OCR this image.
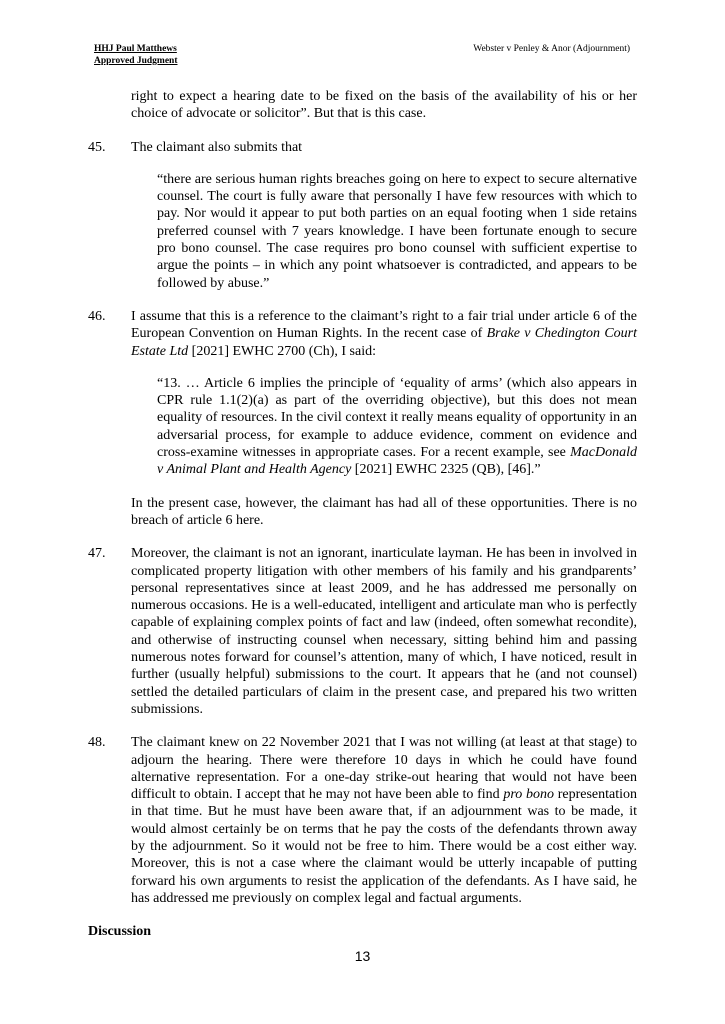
HHJ Paul Matthews
Approved Judgment
Webster v Penley & Anor (Adjournment)

right to expect a hearing date to be fixed on the basis of the availability of his or her choice of advocate or solicitor”. But that is this case.

45.	The claimant also submits that

“there are serious human rights breaches going on here to expect to secure alternative counsel. The court is fully aware that personally I have few resources with which to pay. Nor would it appear to put both parties on an equal footing when 1 side retains preferred counsel with 7 years knowledge. I have been fortunate enough to secure pro bono counsel. The case requires pro bono counsel with sufficient expertise to argue the points – in which any point whatsoever is contradicted, and appears to be followed by abuse.”

46.	I assume that this is a reference to the claimant’s right to a fair trial under article 6 of the European Convention on Human Rights. In the recent case of Brake v Chedington Court Estate Ltd [2021] EWHC 2700 (Ch), I said:

“13. … Article 6 implies the principle of ‘equality of arms’ (which also appears in CPR rule 1.1(2)(a) as part of the overriding objective), but this does not mean equality of resources. In the civil context it really means equality of opportunity in an adversarial process, for example to adduce evidence, comment on evidence and cross-examine witnesses in appropriate cases. For a recent example, see MacDonald v Animal Plant and Health Agency [2021] EWHC 2325 (QB), [46].”

In the present case, however, the claimant has had all of these opportunities. There is no breach of article 6 here.

47.	Moreover, the claimant is not an ignorant, inarticulate layman. He has been in involved in complicated property litigation with other members of his family and his grandparents’ personal representatives since at least 2009, and he has addressed me personally on numerous occasions. He is a well-educated, intelligent and articulate man who is perfectly capable of explaining complex points of fact and law (indeed, often somewhat recondite), and otherwise of instructing counsel when necessary, sitting behind him and passing numerous notes forward for counsel’s attention, many of which, I have noticed, result in further (usually helpful) submissions to the court. It appears that he (and not counsel) settled the detailed particulars of claim in the present case, and prepared his two written submissions.
48.	The claimant knew on 22 November 2021 that I was not willing (at least at that stage) to adjourn the hearing. There were therefore 10 days in which he could have found alternative representation. For a one-day strike-out hearing that would not have been difficult to obtain. I accept that he may not have been able to find pro bono representation in that time. But he must have been aware that, if an adjournment was to be made, it would almost certainly be on terms that he pay the costs of the defendants thrown away by the adjournment. So it would not be free to him. There would be a cost either way. Moreover, this is not a case where the claimant would be utterly incapable of putting forward his own arguments to resist the application of the defendants. As I have said, he has addressed me previously on complex legal and factual arguments.

Discussion

13
